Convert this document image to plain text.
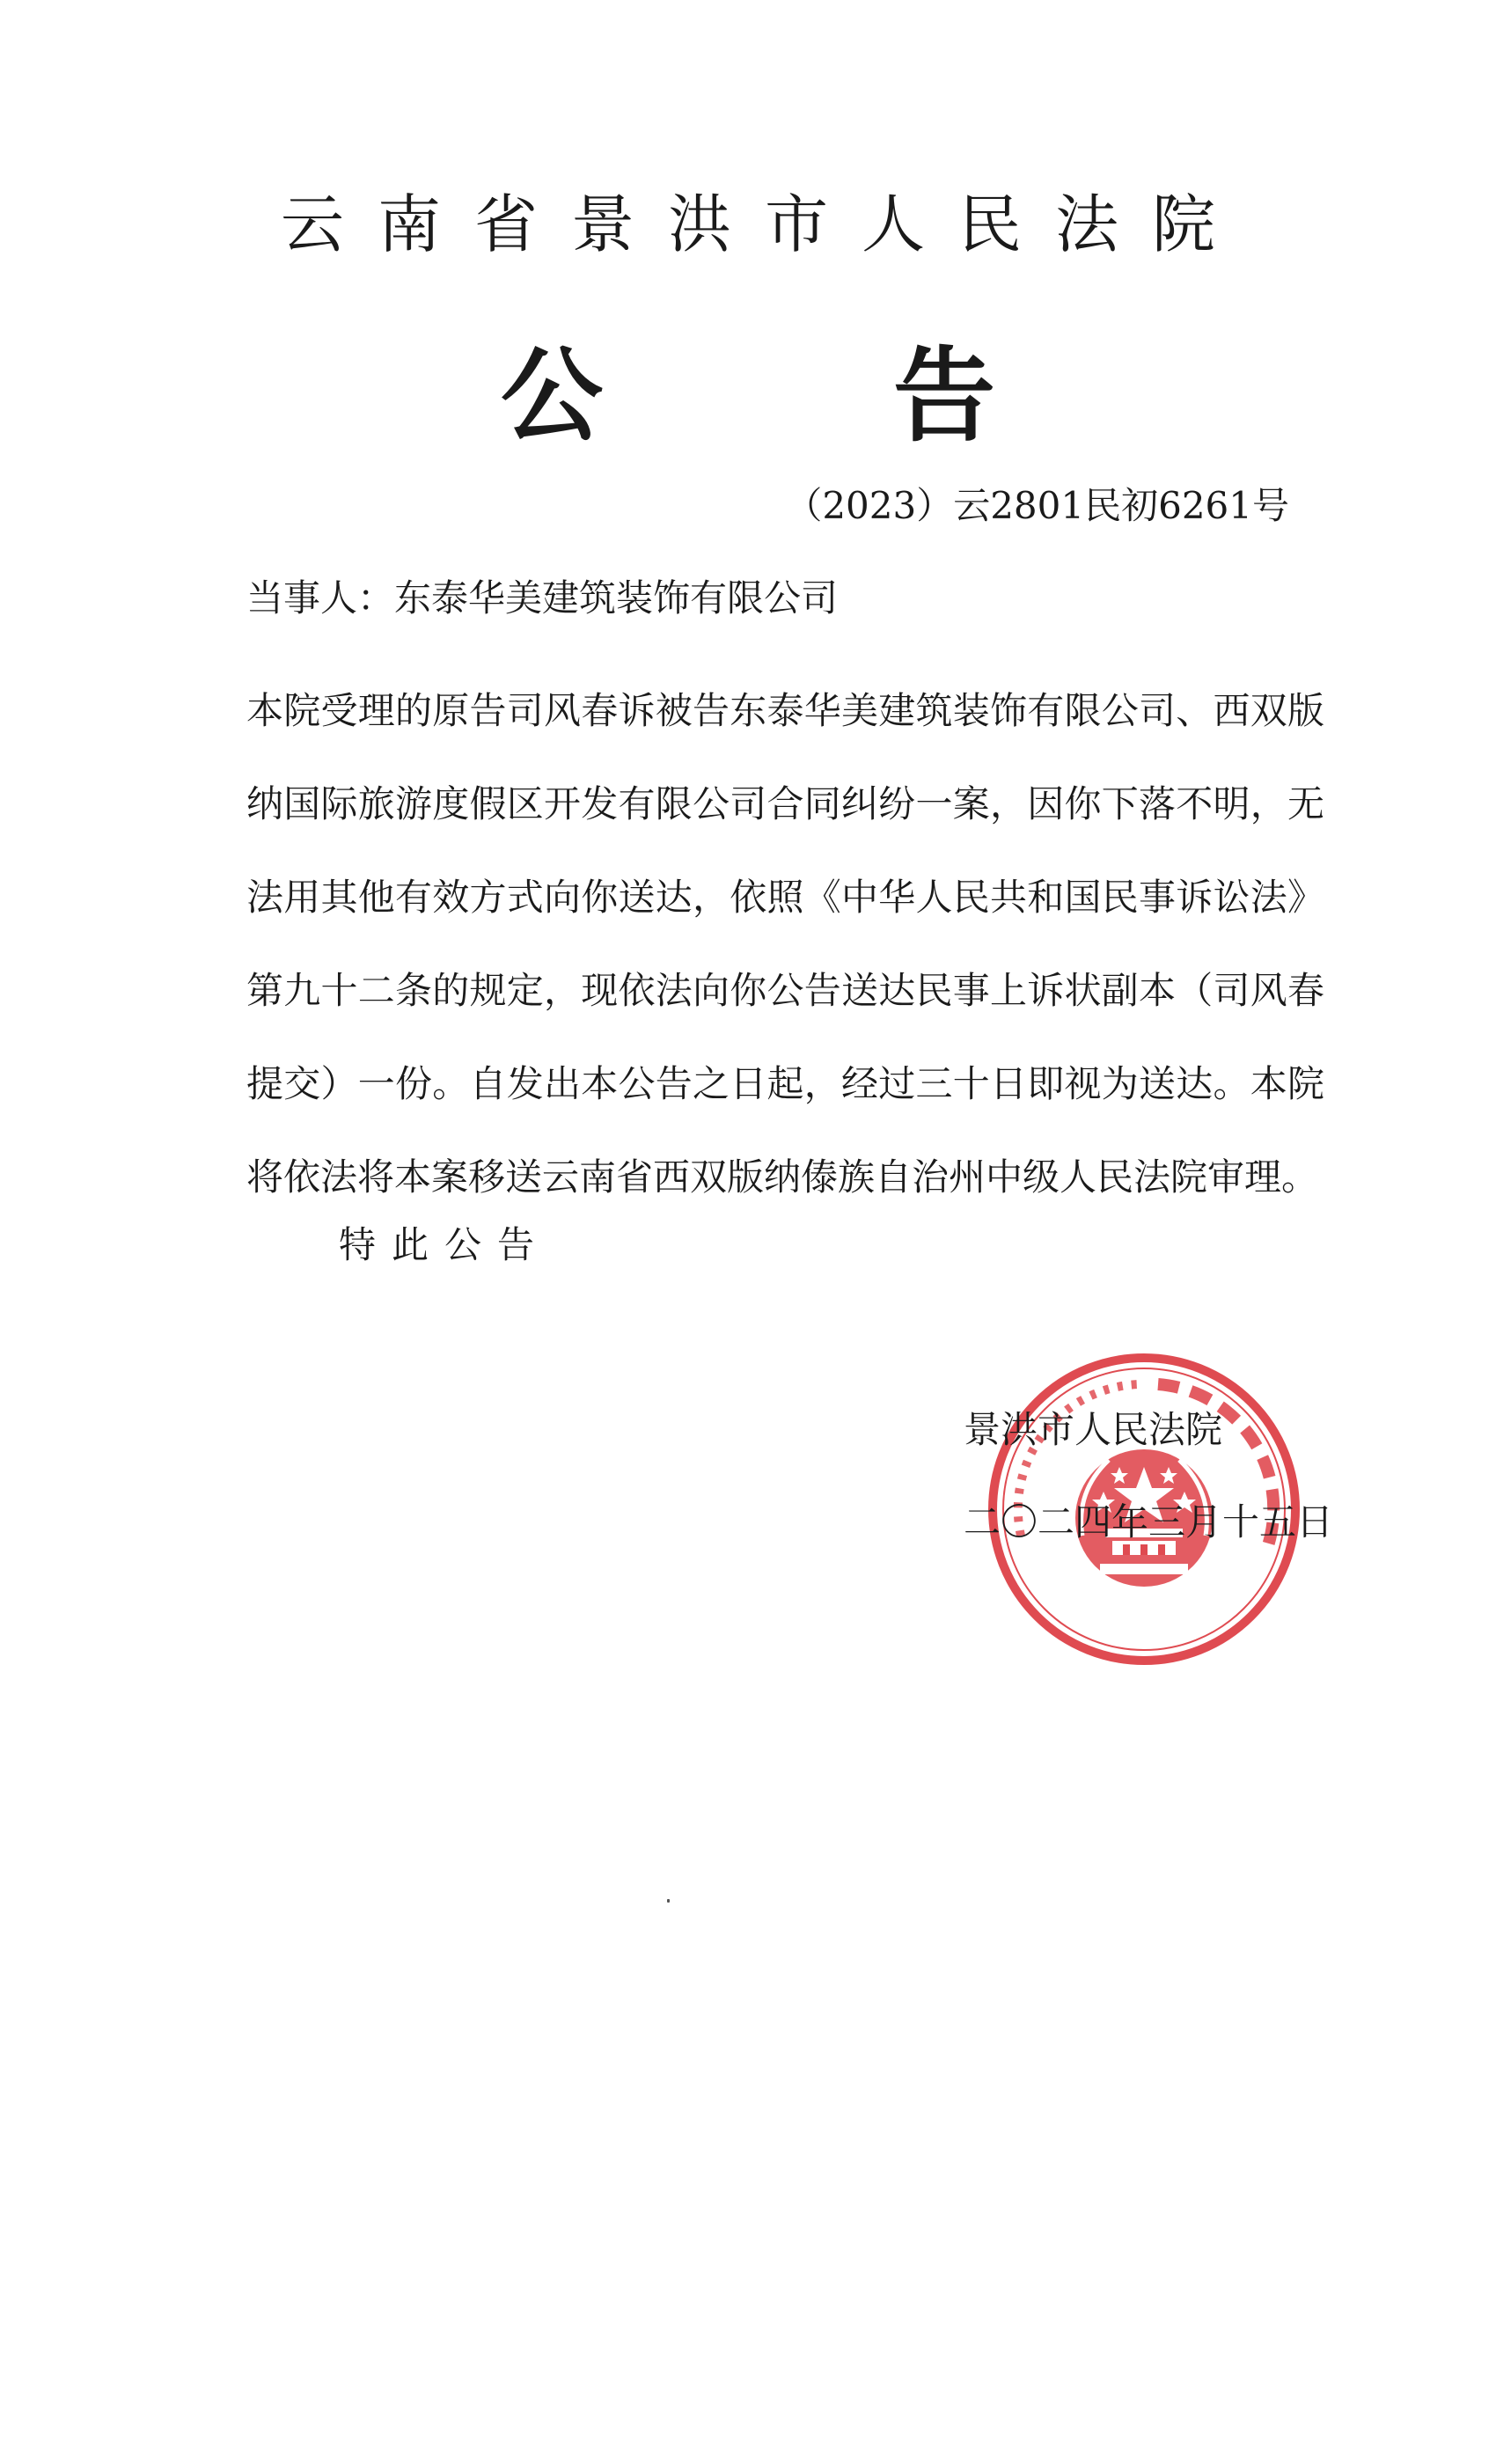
云南省景洪市人民法院
公	告
（2023）云2801民初6261号
当事人：东泰华美建筑装饰有限公司
本院受理的原告司风春诉被告东泰华美建筑装饰有限公司、西双版纳国际旅游度假区开发有限公司合同纠纷一案，因你下落不明，无法用其他有效方式向你送达，依照《中华人民共和国民事诉讼法》第九十二条的规定，现依法向你公告送达民事上诉状副本（司风春提交）一份。自发出本公告之日起，经过三十日即视为送达。本院将依法将本案移送云南省西双版纳傣族自治州中级人民法院审理。
特此公告
景洪市人民法院
二〇二四年三月十五日
